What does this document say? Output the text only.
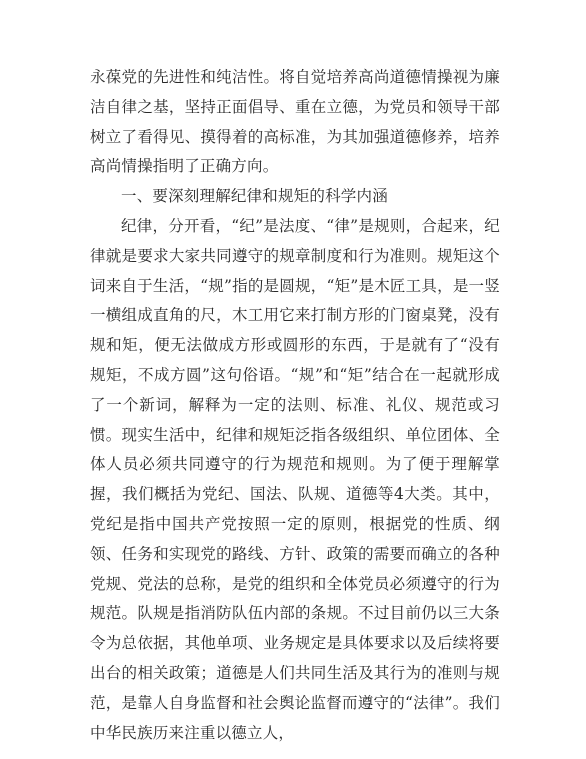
永葆党的先进性和纯洁性。将自觉培养高尚道德情操视为廉洁自律之基，坚持正面倡导、重在立德，为党员和领导干部树立了看得见、摸得着的高标准，为其加强道德修养，培养高尚情操指明了正确方向。

一、要深刻理解纪律和规矩的科学内涵

纪律，分开看，“纪”是法度、“律”是规则，合起来，纪律就是要求大家共同遵守的规章制度和行为准则。规矩这个词来自于生活，“规”指的是圆规，“矩”是木匠工具，是一竖一横组成直角的尺，木工用它来打制方形的门窗桌凳，没有规和矩，便无法做成方形或圆形的东西，于是就有了“没有规矩，不成方圆”这句俗语。“规”和“矩”结合在一起就形成了一个新词，解释为一定的法则、标准、礼仪、规范或习惯。现实生活中，纪律和规矩泛指各级组织、单位团体、全体人员必须共同遵守的行为规范和规则。为了便于理解掌握，我们概括为党纪、国法、队规、道德等4大类。其中，党纪是指中国共产党按照一定的原则，根据党的性质、纲领、任务和实现党的路线、方针、政策的需要而确立的各种党规、党法的总称，是党的组织和全体党员必须遵守的行为规范。队规是指消防队伍内部的条规。不过目前仍以三大条令为总依据，其他单项、业务规定是具体要求以及后续将要出台的相关政策；道德是人们共同生活及其行为的准则与规范，是靠人自身监督和社会舆论监督而遵守的“法律”。我们中华民族历来注重以德立人，
